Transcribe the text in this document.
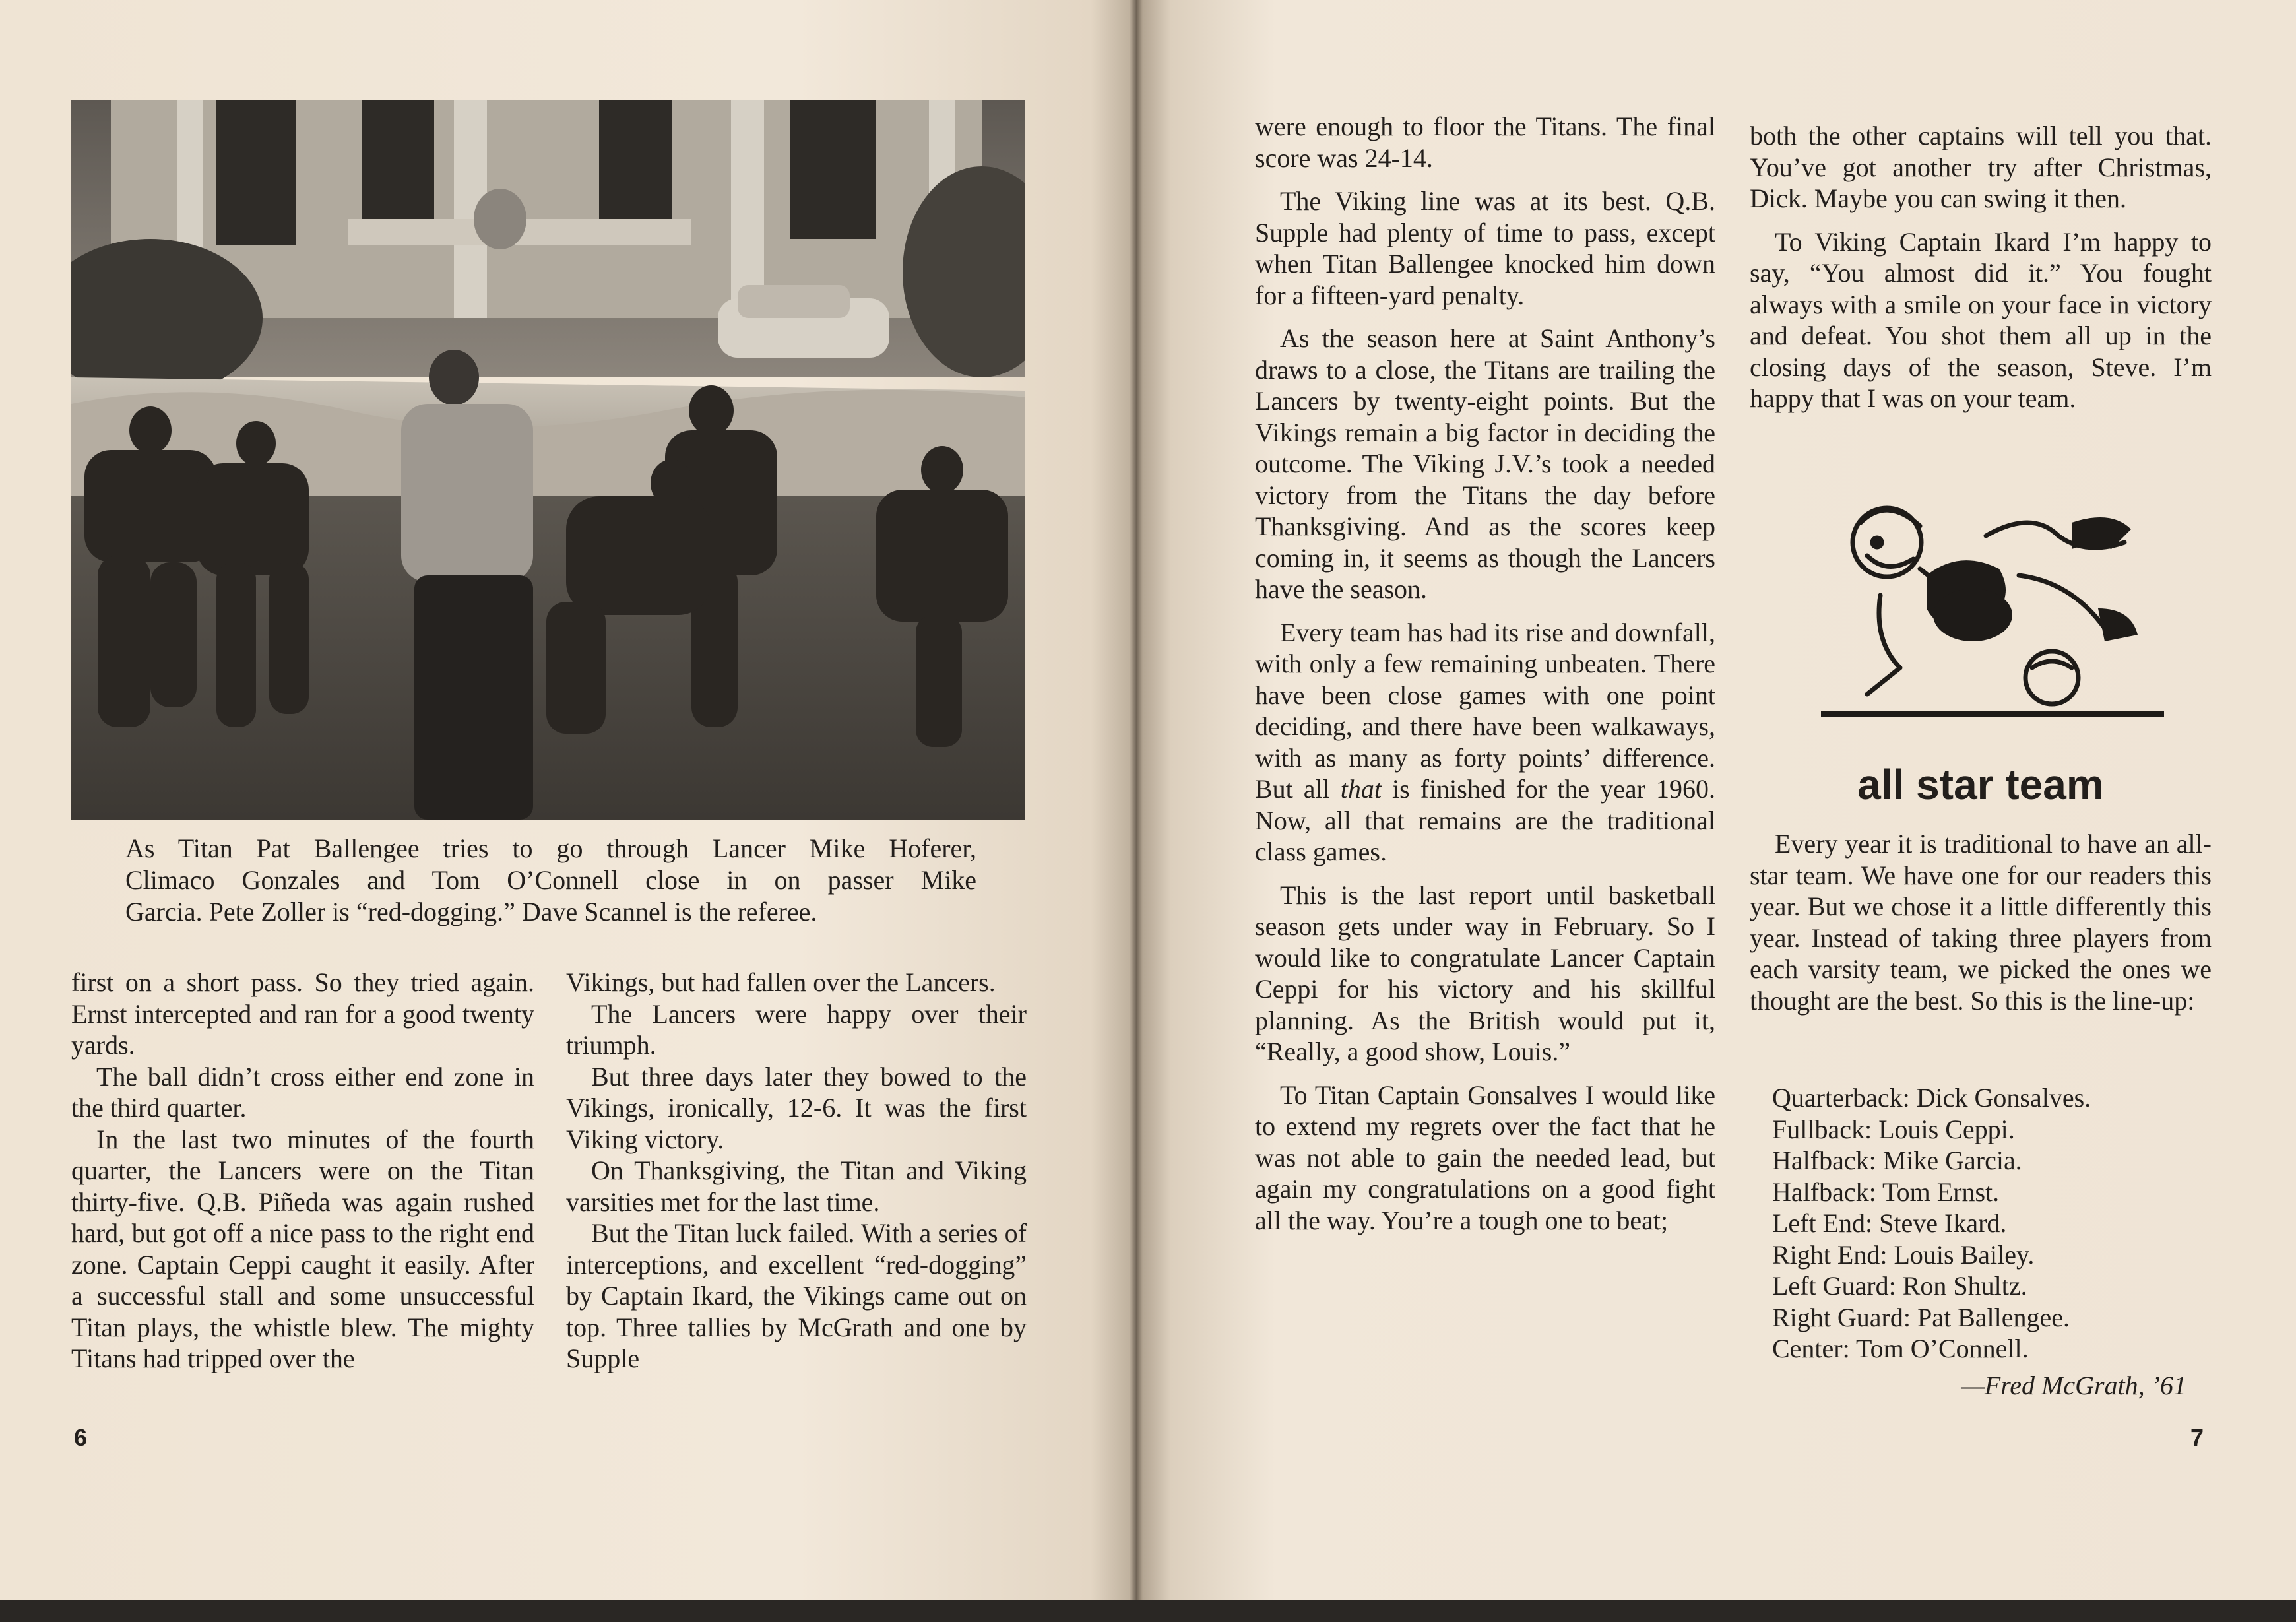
As Titan Pat Ballengee tries to go through Lancer Mike Hoferer,
Climaco Gonzales and Tom O’Connell close in on passer Mike
Garcia. Pete Zoller is “red-dogging.” Dave Scannel is the referee.

first on a short pass. So they tried again. Ernst intercepted and ran for a good twenty yards.

The ball didn’t cross either end zone in the third quarter.

In the last two minutes of the fourth quarter, the Lancers were on the Titan thirty-five. Q.B. Piñeda was again rushed hard, but got off a nice pass to the right end zone. Captain Ceppi caught it easily. After a successful stall and some unsuccessful Titan plays, the whistle blew. The mighty Titans had tripped over the

Vikings, but had fallen over the Lancers.

The Lancers were happy over their triumph.

But three days later they bowed to the Vikings, ironically, 12-6. It was the first Viking victory.

On Thanksgiving, the Titan and Viking varsities met for the last time.

But the Titan luck failed. With a series of interceptions, and excellent “red-dogging” by Captain Ikard, the Vikings came out on top. Three tallies by McGrath and one by Supple

6

were enough to floor the Titans. The final score was 24-14.

The Viking line was at its best. Q.B. Supple had plenty of time to pass, except when Titan Ballengee knocked him down for a fifteen-yard penalty.

As the season here at Saint Anthony’s draws to a close, the Titans are trailing the Lancers by twenty-eight points. But the Vikings remain a big factor in deciding the outcome. The Viking J.V.’s took a needed victory from the Titans the day before Thanksgiving. And as the scores keep coming in, it seems as though the Lancers have the season.

Every team has had its rise and downfall, with only a few remaining unbeaten. There have been close games with one point deciding, and there have been walkaways, with as many as forty points’ difference. But all that is finished for the year 1960. Now, all that remains are the traditional class games.

This is the last report until basketball season gets under way in February. So I would like to congratulate Lancer Captain Ceppi for his victory and his skillful planning. As the British would put it, “Really, a good show, Louis.”

To Titan Captain Gonsalves I would like to extend my regrets over the fact that he was not able to gain the needed lead, but again my congratulations on a good fight all the way. You’re a tough one to beat;

both the other captains will tell you that. You’ve got another try after Christmas, Dick. Maybe you can swing it then.

To Viking Captain Ikard I’m happy to say, “You almost did it.” You fought always with a smile on your face in victory and defeat. You shot them all up in the closing days of the season, Steve. I’m happy that I was on your team.

all star team

Every year it is traditional to have an all-star team. We have one for our readers this year. But we chose it a little differently this year. Instead of taking three players from each varsity team, we picked the ones we thought are the best. So this is the line-up:

Quarterback: Dick Gonsalves.
Fullback: Louis Ceppi.
Halfback: Mike Garcia.
Halfback: Tom Ernst.
Left End: Steve Ikard.
Right End: Louis Bailey.
Left Guard: Ron Shultz.
Right Guard: Pat Ballengee.
Center: Tom O’Connell.
—Fred McGrath, ’61
7
